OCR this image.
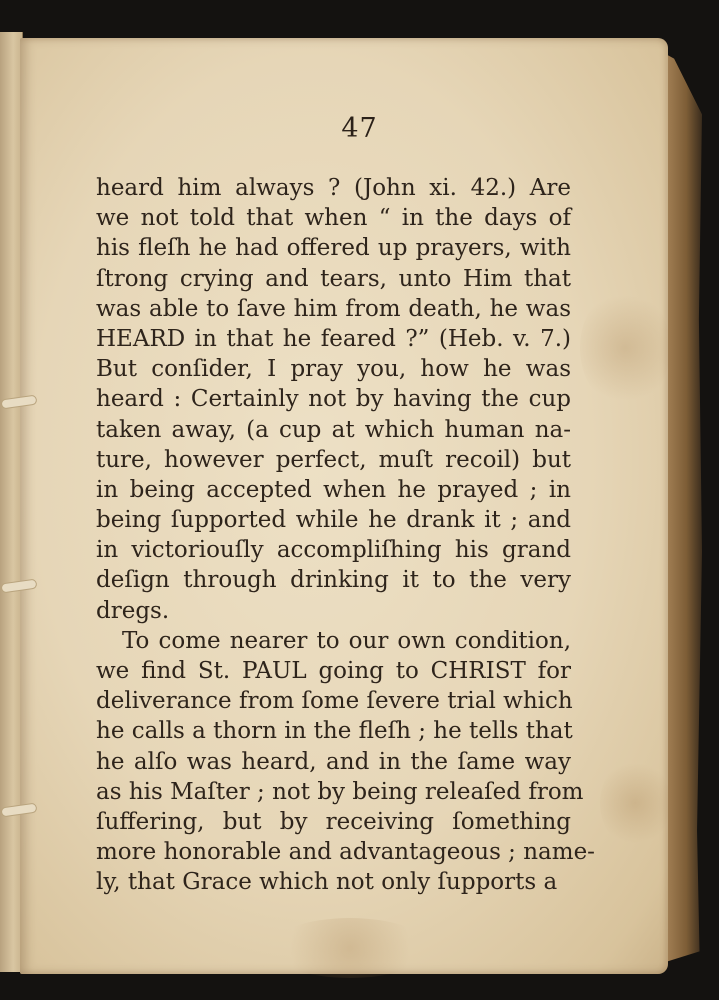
47
heard him always ? (John xi. 42.) Are
we not told that when “ in the days of
his fleſh he had offered up prayers, with
ſtrong crying and tears, unto Him that
was able to ſave him from death, he was
HEARD in that he feared ?” (Heb. v. 7.)
But conſider, I pray you, how he was
heard : Certainly not by having the cup
taken away, (a cup at which human na-
ture, however perfect, muſt recoil) but
in being accepted when he prayed ; in
being ſupported while he drank it ; and
in victoriouſly accompliſhing his grand
deſign through drinking it to the very
dregs.
To come nearer to our own condition,
we find St. PAUL going to CHRIST for
deliverance from ſome ſevere trial which
he calls a thorn in the fleſh ; he tells that
he alſo was heard, and in the ſame way
as his Maſter ; not by being releaſed from
ſuffering, but by receiving ſomething
more honorable and advantageous ; name-
ly, that Grace which not only ſupports a
